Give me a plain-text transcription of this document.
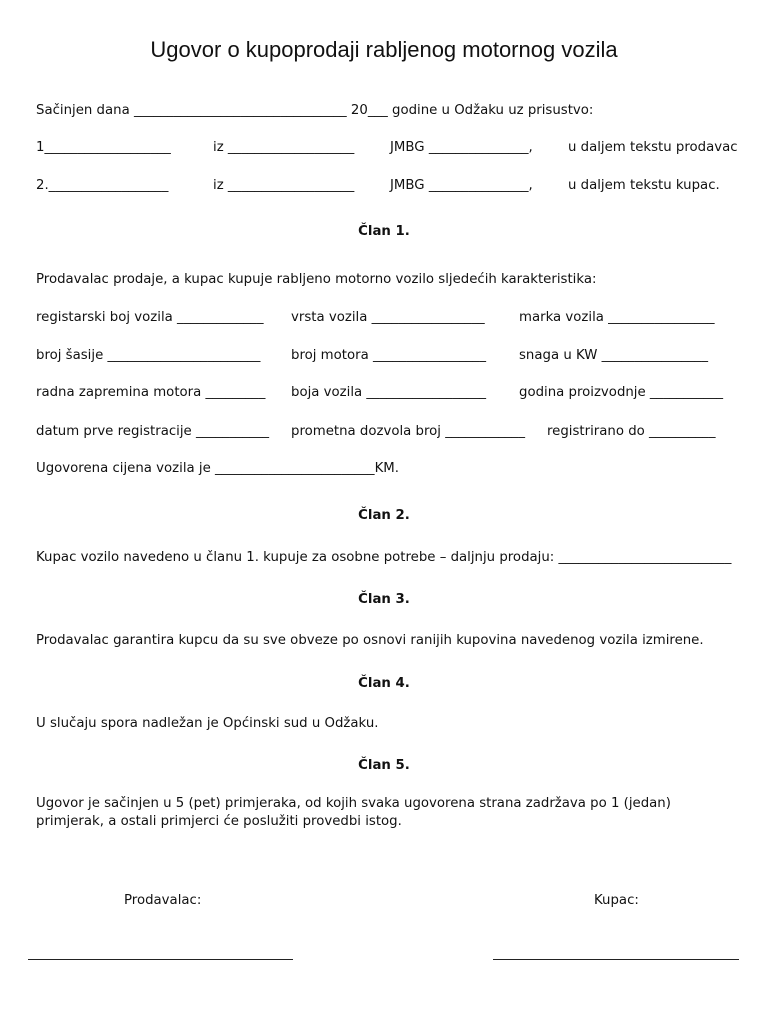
Ugovor o kupoprodaji rabljenog motornog vozila
Sačinjen dana ________________________________ 20___ godine u Odžaku uz prisustvo:
1___________________	iz ___________________	JMBG _______________,	u daljem tekstu prodavac
2.__________________	iz ___________________	JMBG _______________,	u daljem tekstu kupac.
Član 1.
Prodavalac prodaje, a kupac kupuje rabljeno motorno vozilo sljedećih karakteristika:
registarski boj vozila _____________ vrsta vozila _________________	marka vozila ________________
broj šasije _______________________ broj motora _________________ snaga u KW ________________
radna zapremina motora _________ boja vozila __________________ godina proizvodnje ___________
datum prve registracije ___________ prometna dozvola broj ____________ registrirano do __________
Ugovorena cijena vozila je ________________________KM.
Član 2.
Kupac vozilo navedeno u članu 1. kupuje za osobne potrebe – daljnju prodaju: __________________________
Član 3.
Prodavalac garantira kupcu da su sve obveze po osnovi ranijih kupovina navedenog vozila izmirene.
Član 4.
U slučaju spora nadležan je Općinski sud u Odžaku.
Član 5.
Ugovor je sačinjen u 5 (pet) primjeraka, od kojih svaka ugovorena strana zadržava po 1 (jedan) primjerak, a ostali primjerci će poslužiti provedbi istog.
Prodavalac:	Kupac:
